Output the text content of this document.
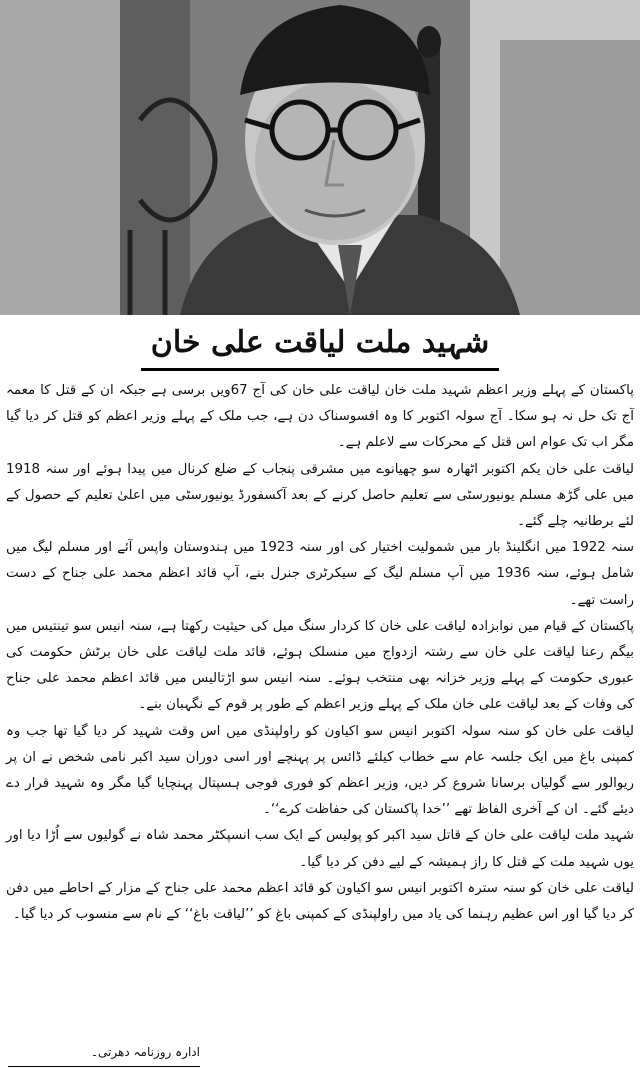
شہید ملت لیاقت علی خان

پاکستان کے پہلے وزیر اعظم شہید ملت خان لیاقت علی خان کی آج 67ویں برسی ہے جبکہ ان کے قتل کا معمہ آج تک حل نہ ہو سکا۔ آج سولہ اکتوبر کا وہ افسوسناک دن ہے، جب ملک کے پہلے وزیر اعظم کو قتل کر دیا گیا مگر اب تک عوام اس قتل کے محرکات سے لاعلم ہے۔

لیاقت علی خان یکم اکتوبر اٹھارہ سو چھیانوے میں مشرقی پنجاب کے ضلع کرنال میں پیدا ہوئے اور سنہ 1918 میں علی گڑھ مسلم یونیورسٹی سے تعلیم حاصل کرنے کے بعد آکسفورڈ یونیورسٹی میں اعلیٰ تعلیم کے حصول کے لئے برطانیہ چلے گئے۔

سنہ 1922 میں انگلینڈ بار میں شمولیت اختیار کی اور سنہ 1923 میں ہندوستان واپس آئے اور مسلم لیگ میں شامل ہوئے، سنہ 1936 میں آپ مسلم لیگ کے سیکرٹری جنرل بنے، آپ قائد اعظم محمد علی جناح کے دست راست تھے۔

پاکستان کے قیام میں نوابزادہ لیاقت علی خان کا کردار سنگ میل کی حیثیت رکھتا ہے، سنہ انیس سو تینتیس میں بیگم رعنا لیاقت علی خان سے رشتہ ازدواج میں منسلک ہوئے، قائد ملت لیاقت علی خان برٹش حکومت کی عبوری حکومت کے پہلے وزیر خزانہ بھی منتخب ہوئے۔ سنہ انیس سو اڑتالیس میں قائد اعظم محمد علی جناح کی وفات کے بعد لیاقت علی خان ملک کے پہلے وزیر اعظم کے طور پر قوم کے نگہبان بنے۔

لیاقت علی خان کو سنہ سولہ اکتوبر انیس سو اکیاون کو راولپنڈی میں اس وقت شہید کر دیا گیا تھا جب وہ کمپنی باغ میں ایک جلسہ عام سے خطاب کیلئے ڈائس پر پہنچے اور اسی دوران سید اکبر نامی شخص نے ان پر ریوالور سے گولیاں برسانا شروع کر دیں، وزیر اعظم کو فوری فوجی ہسپتال پہنچایا گیا مگر وہ شہید قرار دے دیئے گئے۔ ان کے آخری الفاظ تھے ’’خدا پاکستان کی حفاظت کرے‘‘۔

شہید ملت لیاقت علی خان کے قاتل سید اکبر کو پولیس کے ایک سب انسپکٹر محمد شاہ نے گولیوں سے اُڑا دیا اور یوں شہید ملت کے قتل کا راز ہمیشہ کے لیے دفن کر دیا گیا۔

لیاقت علی خان کو سنہ سترہ اکتوبر انیس سو اکیاون کو قائد اعظم محمد علی جناح کے مزار کے احاطے میں دفن کر دیا گیا اور اس عظیم رہنما کی یاد میں راولپنڈی کے کمپنی باغ کو ’’لیاقت باغ‘‘ کے نام سے منسوب کر دیا گیا۔

ادارہ روزنامہ دھرتی۔
